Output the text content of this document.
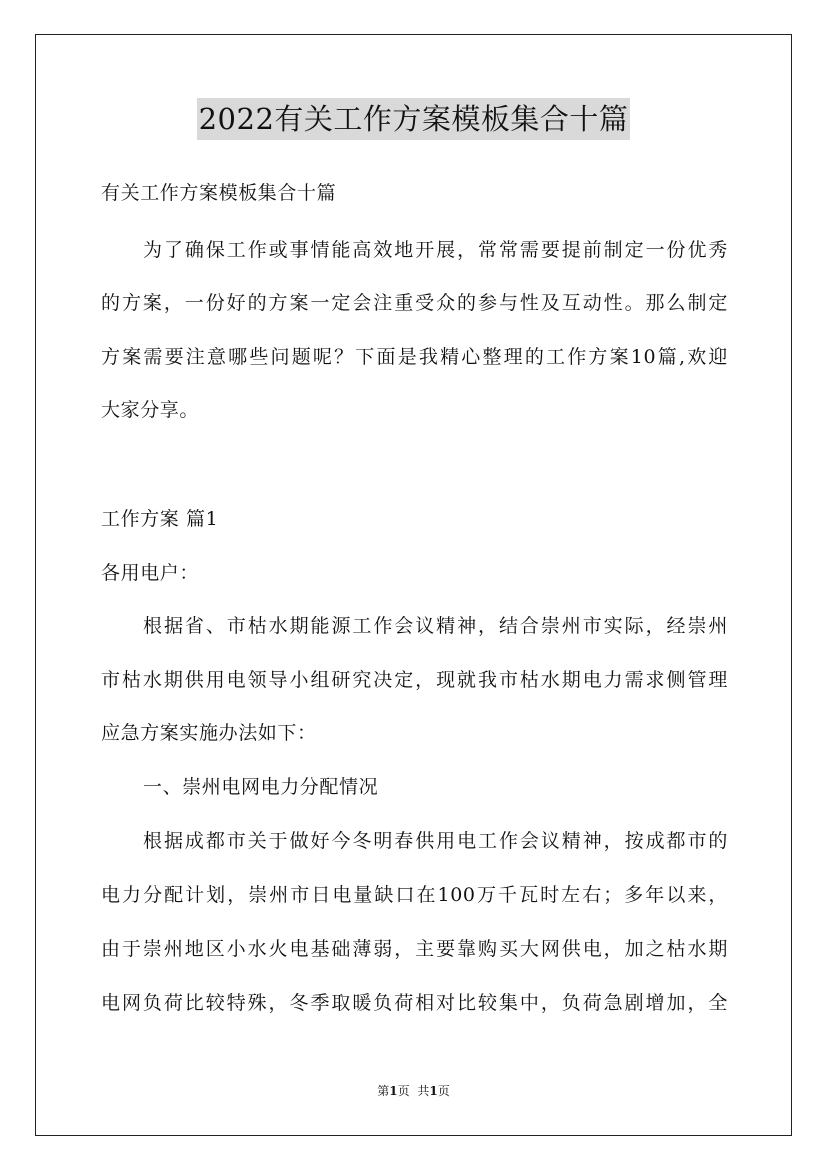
2022有关工作方案模板集合十篇
有关工作方案模板集合十篇
为了确保工作或事情能高效地开展，常常需要提前制定一份优秀
的方案，一份好的方案一定会注重受众的参与性及互动性。那么制定
方案需要注意哪些问题呢？下面是我精心整理的工作方案10篇,欢迎
大家分享。
工作方案 篇1
各用电户：
根据省、市枯水期能源工作会议精神，结合崇州市实际，经崇州
市枯水期供用电领导小组研究决定，现就我市枯水期电力需求侧管理
应急方案实施办法如下：
一、崇州电网电力分配情况
根据成都市关于做好今冬明春供用电工作会议精神，按成都市的
电力分配计划，崇州市日电量缺口在100万千瓦时左右；多年以来，
由于崇州地区小水火电基础薄弱，主要靠购买大网供电，加之枯水期
电网负荷比较特殊，冬季取暖负荷相对比较集中，负荷急剧增加，全
第1页 共1页
